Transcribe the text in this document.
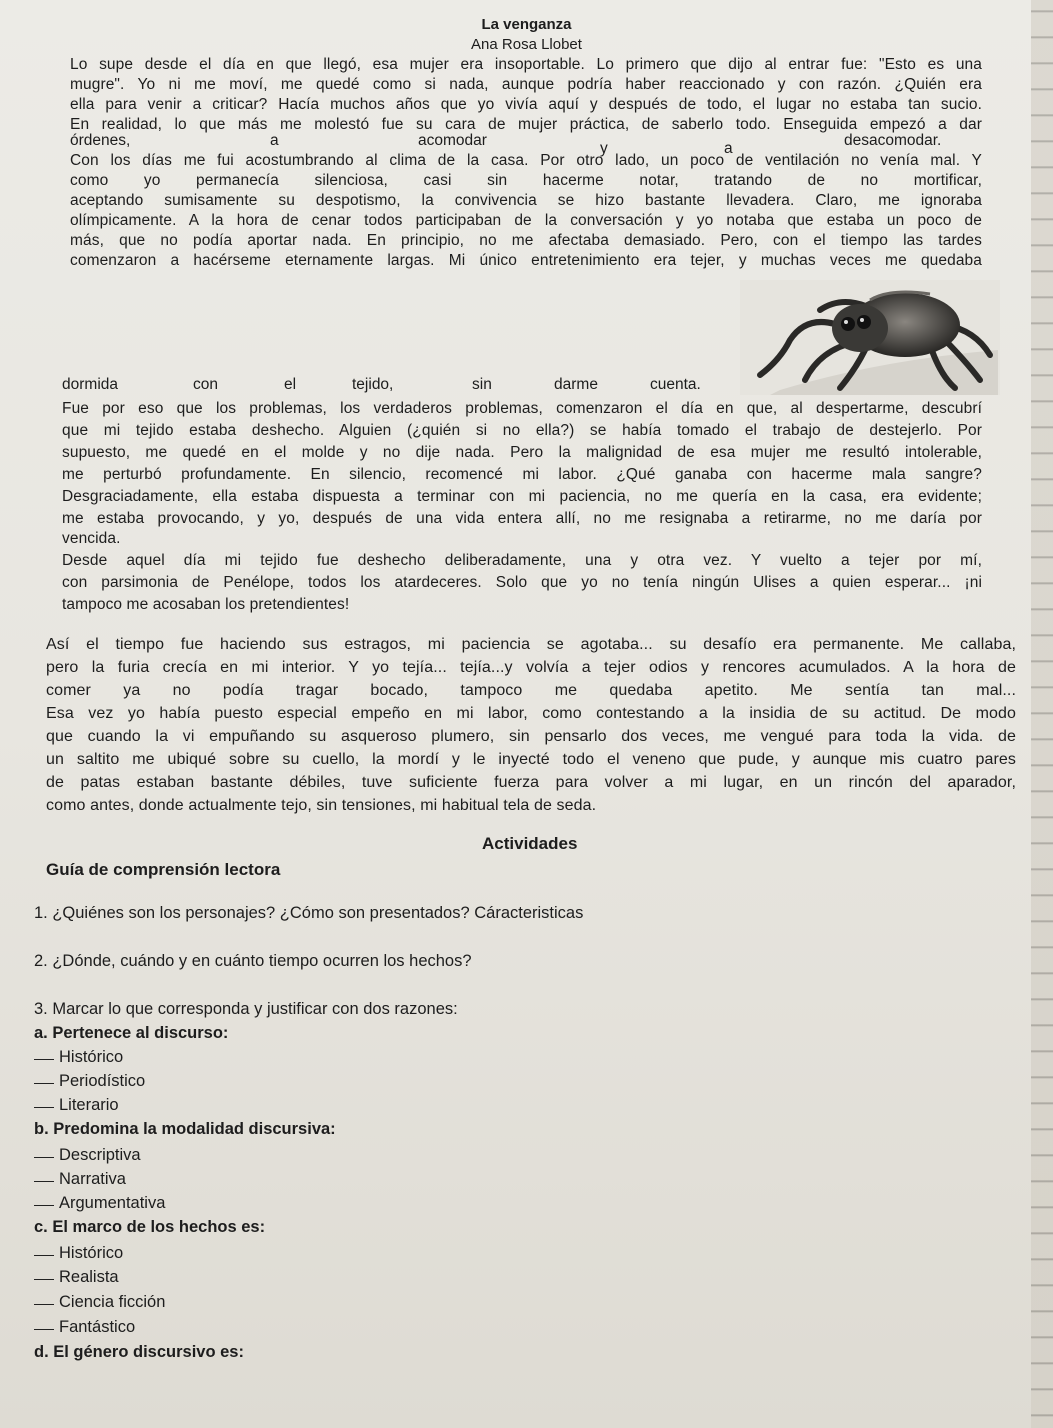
La venganza
Ana Rosa Llobet
Lo supe desde el día en que llegó, esa mujer era insoportable. Lo primero que dijo al entrar fue: "Esto es una
mugre". Yo ni me moví, me quedé como si nada, aunque podría haber reaccionado y con razón. ¿Quién era
ella para venir a criticar? Hacía muchos años que yo vivía aquí y después de todo, el lugar no estaba tan sucio.
En realidad, lo que más me molestó fue su cara de mujer práctica, de saberlo todo. Enseguida empezó a dar
órdenes,	a	acomodar	y	a	desacomodar.
Con los días me fui acostumbrando al clima de la casa. Por otro lado, un poco de ventilación no venía mal. Y
como yo permanecía silenciosa, casi sin hacerme notar, tratando de no mortificar,
aceptando sumisamente su despotismo, la convivencia se hizo bastante llevadera. Claro, me ignoraba
olímpicamente. A la hora de cenar todos participaban de la conversación y yo notaba que estaba un poco de
más, que no podía aportar nada. En principio, no me afectaba demasiado. Pero, con el tiempo las tardes
comenzaron a hacérseme eternamente largas. Mi único entretenimiento era tejer, y muchas veces me quedaba
dormida	con	el	tejido,	sin	darme	cuenta.
Fue por eso que los problemas, los verdaderos problemas, comenzaron el día en que, al despertarme, descubrí
que mi tejido estaba deshecho. Alguien (¿quién si no ella?) se había tomado el trabajo de destejerlo. Por
supuesto, me quedé en el molde y no dije nada. Pero la malignidad de esa mujer me resultó intolerable,
me perturbó profundamente. En silencio, recomencé mi labor. ¿Qué ganaba con hacerme mala sangre?
Desgraciadamente, ella estaba dispuesta a terminar con mi paciencia, no me quería en la casa, era evidente;
me estaba provocando, y yo, después de una vida entera allí, no me resignaba a retirarme, no me daría por
vencida.
Desde aquel día mi tejido fue deshecho deliberadamente, una y otra vez. Y vuelto a tejer por mí,
con parsimonia de Penélope, todos los atardeceres. Solo que yo no tenía ningún Ulises a quien esperar... ¡ni
tampoco me acosaban los pretendientes!
Así el tiempo fue haciendo sus estragos, mi paciencia se agotaba... su desafío era permanente. Me callaba,
pero la furia crecía en mi interior. Y yo tejía... tejía...y volvía a tejer odios y rencores acumulados. A la hora de
comer ya no podía tragar bocado, tampoco me quedaba apetito. Me sentía tan mal...
Esa vez yo había puesto especial empeño en mi labor, como contestando a la insidia de su actitud. De modo
que cuando la vi empuñando su asqueroso plumero, sin pensarlo dos veces, me vengué para toda la vida. de
un saltito me ubiqué sobre su cuello, la mordí y le inyecté todo el veneno que pude, y aunque mis cuatro pares
de patas estaban bastante débiles, tuve suficiente fuerza para volver a mi lugar, en un rincón del aparador,
como antes, donde actualmente tejo, sin tensiones, mi habitual tela de seda.
Actividades
Guía de comprensión lectora
1. ¿Quiénes son los personajes? ¿Cómo son presentados? Cáracteristicas
2. ¿Dónde, cuándo y en cuánto tiempo ocurren los hechos?
3. Marcar lo que corresponda y justificar con dos razones:
a. Pertenece al discurso:
Histórico
Periodístico
Literario
b. Predomina la modalidad discursiva:
Descriptiva
Narrativa
Argumentativa
c. El marco de los hechos es:
Histórico
Realista
Ciencia ficción
Fantástico
d. El género discursivo es:
